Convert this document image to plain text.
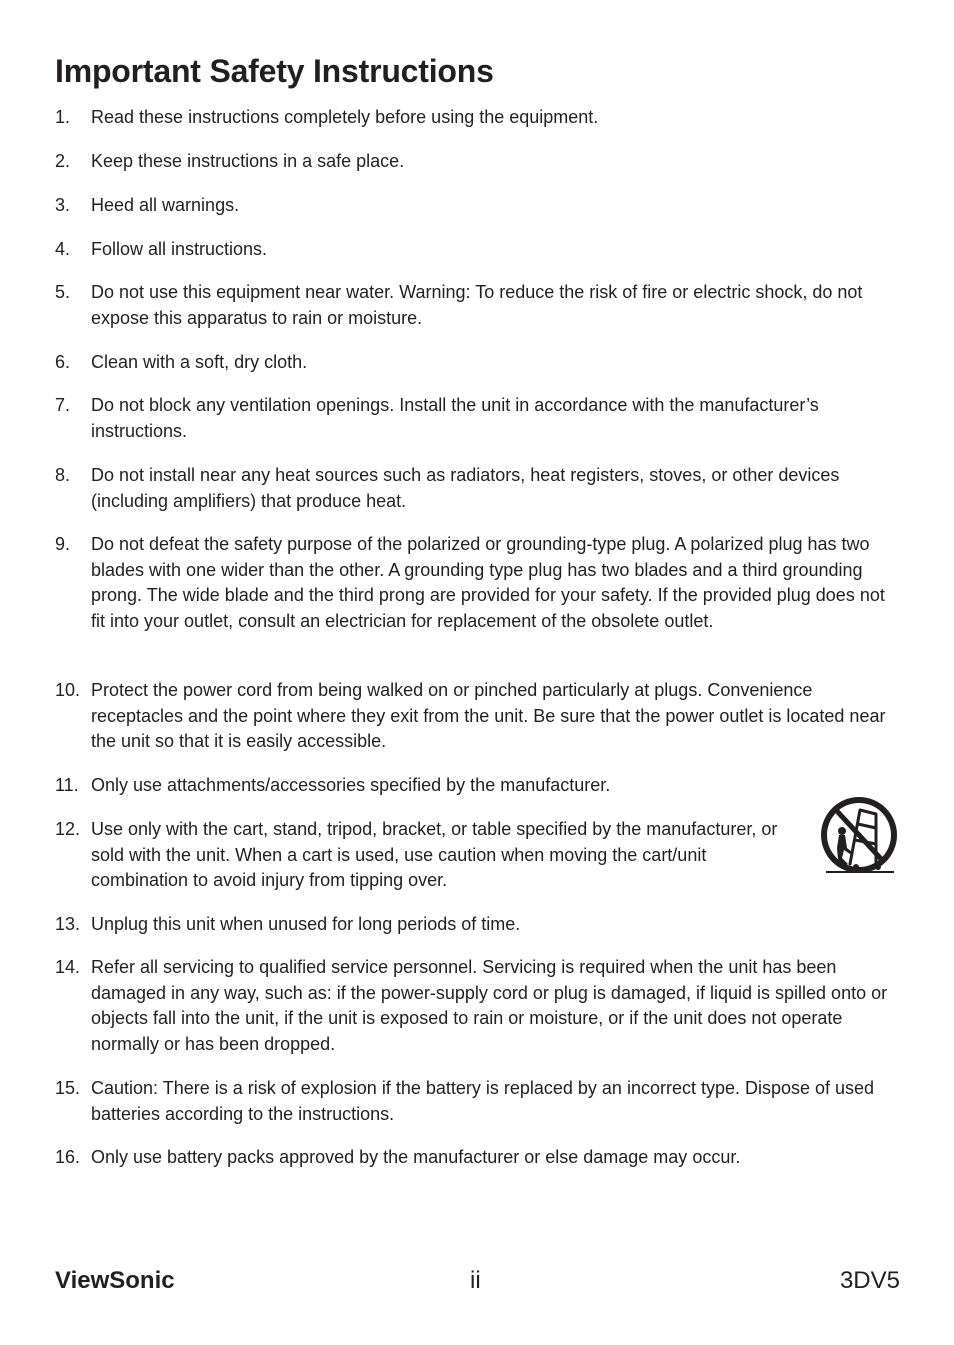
Important Safety Instructions
1. Read these instructions completely before using the equipment.
2. Keep these instructions in a safe place.
3. Heed all warnings.
4. Follow all instructions.
5. Do not use this equipment near water. Warning: To reduce the risk of fire or electric shock, do not expose this apparatus to rain or moisture.
6. Clean with a soft, dry cloth.
7. Do not block any ventilation openings. Install the unit in accordance with the manufacturer’s instructions.
8. Do not install near any heat sources such as radiators, heat registers, stoves, or other devices (including amplifiers) that produce heat.
9. Do not defeat the safety purpose of the polarized or grounding-type plug. A polarized plug has two blades with one wider than the other. A grounding type plug has two blades and a third grounding prong. The wide blade and the third prong are provided for your safety. If the provided plug does not fit into your outlet, consult an electrician for replacement of the obsolete outlet.
10. Protect the power cord from being walked on or pinched particularly at plugs. Convenience receptacles and the point where they exit from the unit. Be sure that the power outlet is located near the unit so that it is easily accessible.
11. Only use attachments/accessories specified by the manufacturer.
12. Use only with the cart, stand, tripod, bracket, or table specified by the manufacturer, or sold with the unit. When a cart is used, use caution when moving the cart/unit combination to avoid injury from tipping over.
13. Unplug this unit when unused for long periods of time.
14. Refer all servicing to qualified service personnel. Servicing is required when the unit has been damaged in any way, such as: if the power-supply cord or plug is damaged, if liquid is spilled onto or objects fall into the unit, if the unit is exposed to rain or moisture, or if the unit does not operate normally or has been dropped.
15. Caution: There is a risk of explosion if the battery is replaced by an incorrect type. Dispose of used batteries according to the instructions.
16. Only use battery packs approved by the manufacturer or else damage may occur.
ViewSonic	ii	3DV5
